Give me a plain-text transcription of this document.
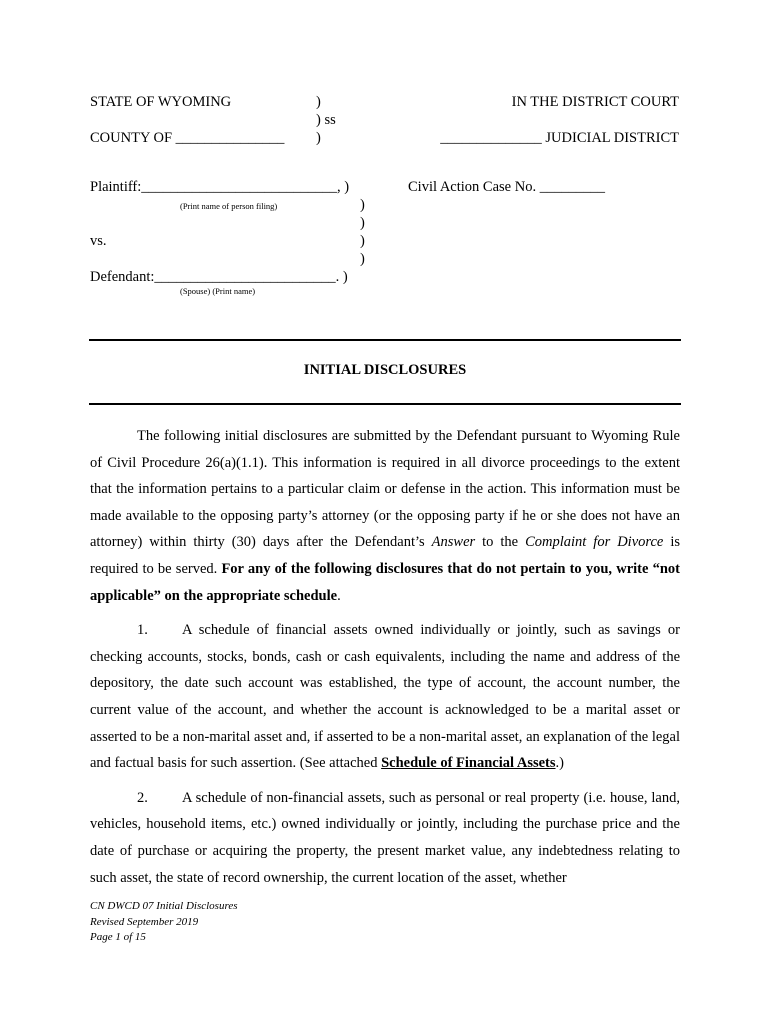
STATE OF WYOMING	)
) ss
)
COUNTY OF _______________
IN THE DISTRICT COURT
______________ JUDICIAL DISTRICT
Plaintiff:___________________________, )
(Print name of person filing)
Civil Action Case No. _________
)
)
)
)
vs.
Defendant:_________________________. )
(Spouse) (Print name)
INITIAL DISCLOSURES

The following initial disclosures are submitted by the Defendant pursuant to Wyoming Rule of Civil Procedure 26(a)(1.1). This information is required in all divorce proceedings to the extent that the information pertains to a particular claim or defense in the action. This information must be made available to the opposing party’s attorney (or the opposing party if he or she does not have an attorney) within thirty (30) days after the Defendant’s Answer to the Complaint for Divorce is required to be served. For any of the following disclosures that do not pertain to you, write “not applicable” on the appropriate schedule.

1. A schedule of financial assets owned individually or jointly, such as savings or checking accounts, stocks, bonds, cash or cash equivalents, including the name and address of the depository, the date such account was established, the type of account, the account number, the current value of the account, and whether the account is acknowledged to be a marital asset or asserted to be a non-marital asset and, if asserted to be a non-marital asset, an explanation of the legal and factual basis for such assertion. (See attached Schedule of Financial Assets.)

2. A schedule of non-financial assets, such as personal or real property (i.e. house, land, vehicles, household items, etc.) owned individually or jointly, including the purchase price and the date of purchase or acquiring the property, the present market value, any indebtedness relating to such asset, the state of record ownership, the current location of the asset, whether

CN DWCD 07 Initial Disclosures
Revised September 2019
Page 1 of 15
